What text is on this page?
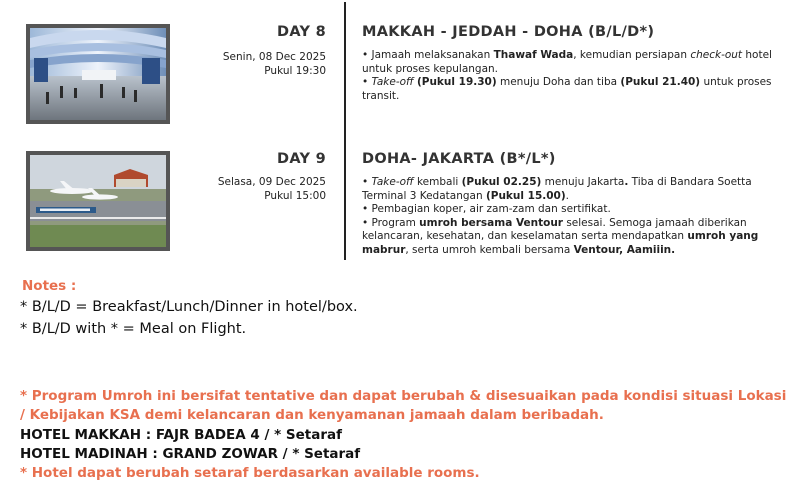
DAY 8
Senin, 08 Dec 2025
Pukul 19:30
MAKKAH - JEDDAH - DOHA (B/L/D*)
• Jamaah melaksanakan Thawaf Wada, kemudian persiapan check-out hotel untuk proses kepulangan.
• Take-off (Pukul 19.30) menuju Doha dan tiba (Pukul 21.40) untuk proses transit.
DAY 9
Selasa, 09 Dec 2025
Pukul 15:00
DOHA- JAKARTA (B*/L*)
• Take-off kembali (Pukul 02.25) menuju Jakarta. Tiba di Bandara Soetta Terminal 3 Kedatangan (Pukul 15.00).
• Pembagian koper, air zam-zam dan sertifikat.
• Program umroh bersama Ventour selesai. Semoga jamaah diberikan kelancaran, kesehatan, dan keselamatan serta mendapatkan umroh yang mabrur, serta umroh kembali bersama Ventour, Aamiiin.
Notes :
* B/L/D = Breakfast/Lunch/Dinner in hotel/box.
* B/L/D with * = Meal on Flight.
* Program Umroh ini bersifat tentative dan dapat berubah & disesuaikan pada kondisi situasi Lokasi / Kebijakan KSA demi kelancaran dan kenyamanan jamaah dalam beribadah.
HOTEL MAKKAH : FAJR BADEA 4 / * Setaraf
HOTEL MADINAH : GRAND ZOWAR / * Setaraf
* Hotel dapat berubah setaraf berdasarkan available rooms.
